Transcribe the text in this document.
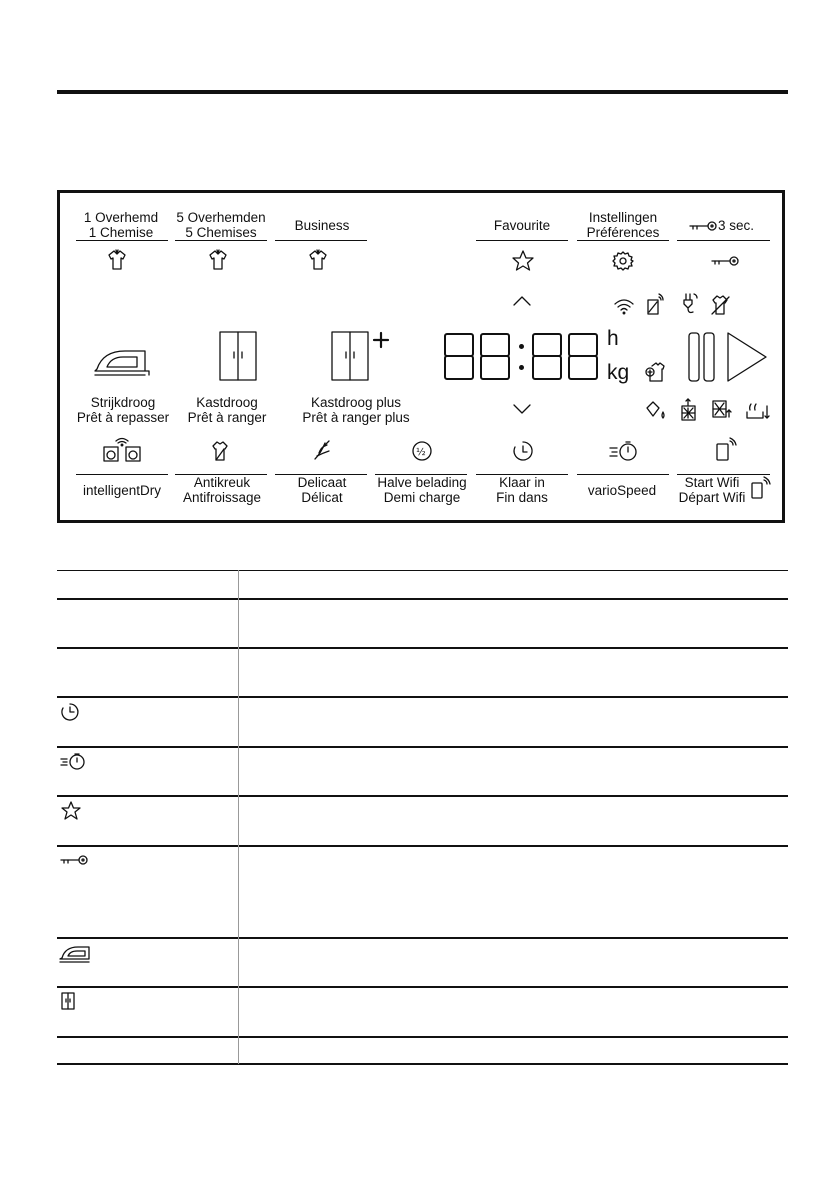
1 Overhemd
1 Chemise
5 Overhemden
5 Chemises	Business	Favourite
Instellingen
Préférences	3 sec.
Strijkdroog
Prêt à repasser
Kastdroog
Prêt à ranger
Kastdroog plus
Prêt à ranger plus
h
kg
½
intelligentDry
Antikreuk
Antifroissage
Delicaat
Délicat
Halve belading
Demi charge
Klaar in
Fin dans	varioSpeed
Start Wifi
Départ Wifi
